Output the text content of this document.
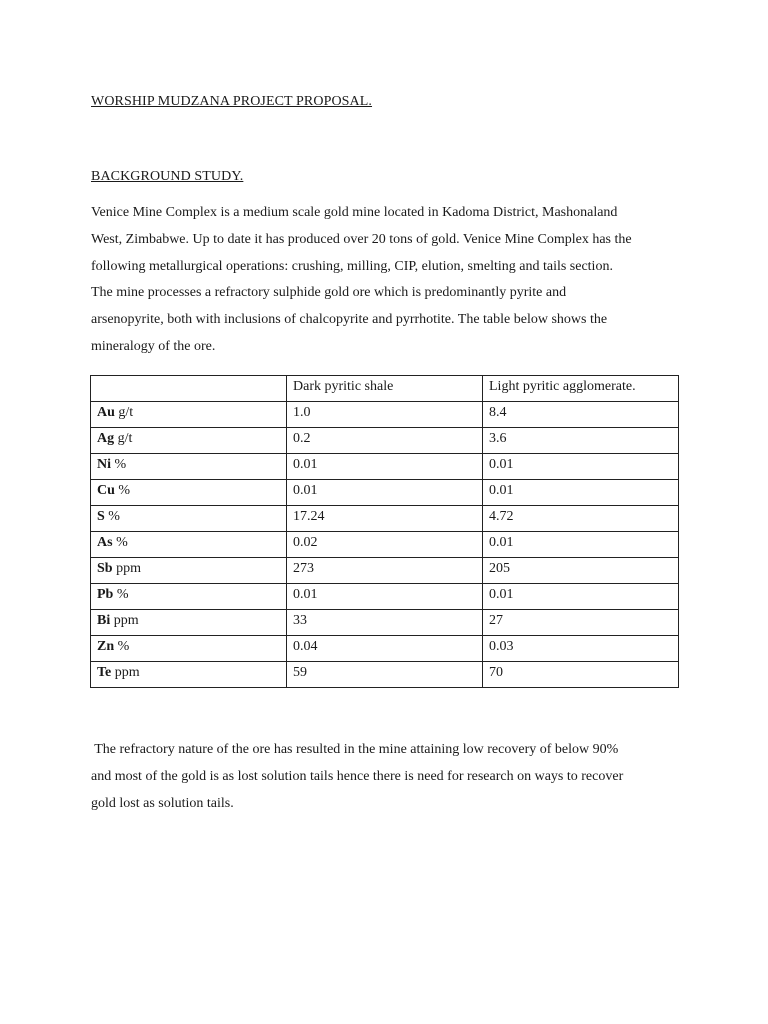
WORSHIP MUDZANA PROJECT PROPOSAL.
BACKGROUND STUDY.

Venice Mine Complex is a medium scale gold mine located in Kadoma District, Mashonaland
West, Zimbabwe. Up to date it has produced over 20 tons of gold. Venice Mine Complex has the
following metallurgical operations: crushing, milling, CIP, elution, smelting and tails section.
The mine processes a refractory sulphide gold ore which is predominantly pyrite and
arsenopyrite, both with inclusions of chalcopyrite and pyrrhotite. The table below shows the
mineralogy of the ore.

	Dark pyritic shale	Light pyritic agglomerate.
Au g/t	1.0	8.4
Ag g/t	0.2	3.6
Ni %	0.01	0.01
Cu %	0.01	0.01
S %	17.24	4.72
As %	0.02	0.01
Sb ppm	273	205
Pb %	0.01	0.01
Bi ppm	33	27
Zn %	0.04	0.03
Te ppm	59	70

The refractory nature of the ore has resulted in the mine attaining low recovery of below 90%
and most of the gold is as lost solution tails hence there is need for research on ways to recover
gold lost as solution tails.
